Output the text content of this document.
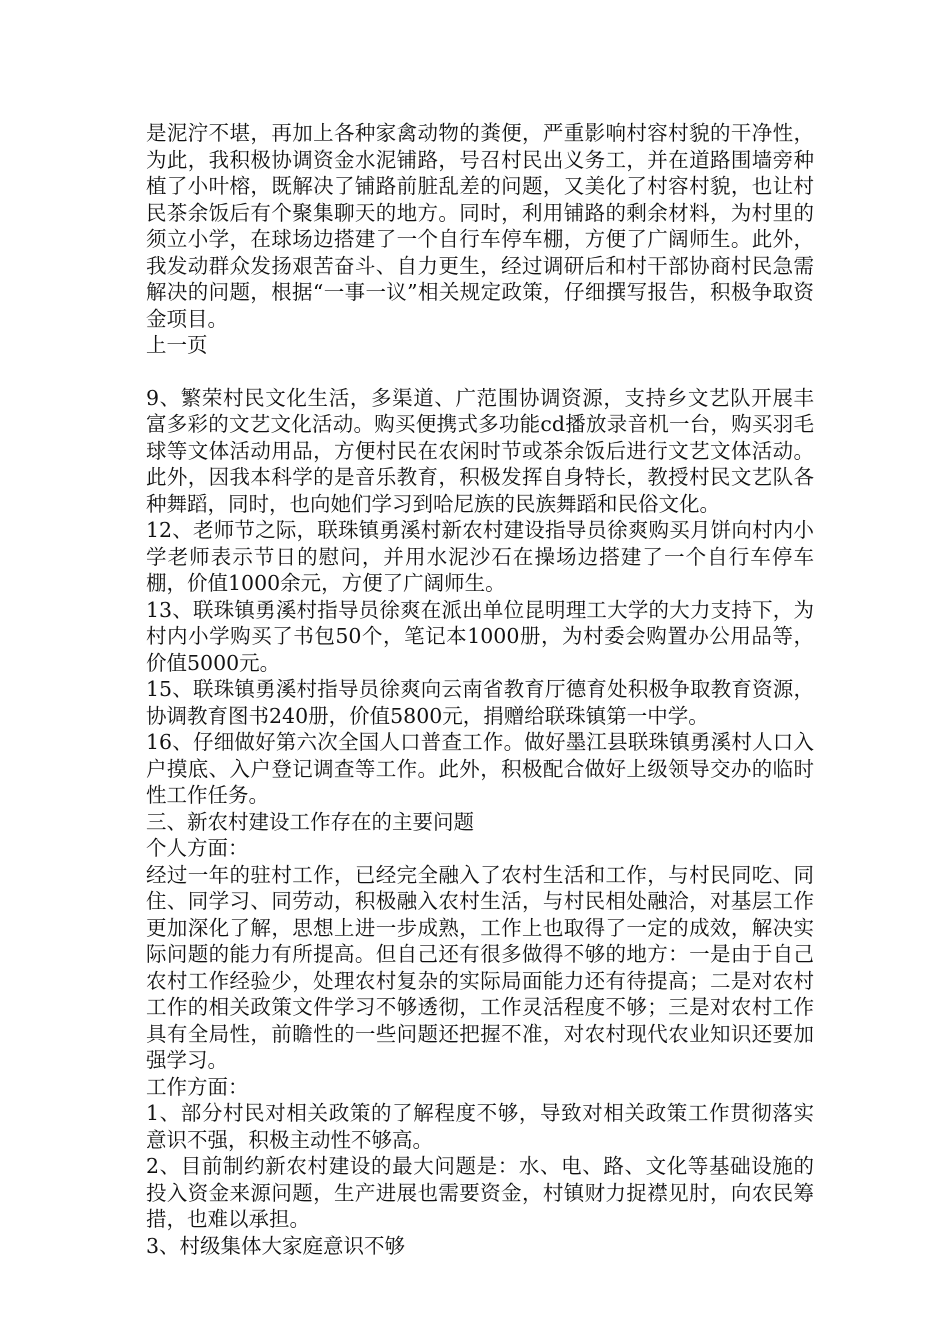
是泥泞不堪，再加上各种家禽动物的粪便，严重影响村容村貌的干净性，为此，我积极协调资金水泥铺路，号召村民出义务工，并在道路围墙旁种植了小叶榕，既解决了铺路前脏乱差的问题，又美化了村容村貌，也让村民茶余饭后有个聚集聊天的地方。同时，利用铺路的剩余材料，为村里的须立小学，在球场边搭建了一个自行车停车棚，方便了广阔师生。此外，我发动群众发扬艰苦奋斗、自力更生，经过调研后和村干部协商村民急需解决的问题，根据“一事一议”相关规定政策，仔细撰写报告，积极争取资金项目。

上一页

9、繁荣村民文化生活，多渠道、广范围协调资源，支持乡文艺队开展丰富多彩的文艺文化活动。购买便携式多功能cd播放录音机一台，购买羽毛球等文体活动用品，方便村民在农闲时节或茶余饭后进行文艺文体活动。此外，因我本科学的是音乐教育，积极发挥自身特长，教授村民文艺队各种舞蹈，同时，也向她们学习到哈尼族的民族舞蹈和民俗文化。

12、老师节之际，联珠镇勇溪村新农村建设指导员徐爽购买月饼向村内小学老师表示节日的慰问，并用水泥沙石在操场边搭建了一个自行车停车棚，价值1000余元，方便了广阔师生。

13、联珠镇勇溪村指导员徐爽在派出单位昆明理工大学的大力支持下，为村内小学购买了书包50个，笔记本1000册，为村委会购置办公用品等，价值5000元。

15、联珠镇勇溪村指导员徐爽向云南省教育厅德育处积极争取教育资源，协调教育图书240册，价值5800元，捐赠给联珠镇第一中学。

16、仔细做好第六次全国人口普查工作。做好墨江县联珠镇勇溪村人口入户摸底、入户登记调查等工作。此外，积极配合做好上级领导交办的临时性工作任务。

三、新农村建设工作存在的主要问题

个人方面：

经过一年的驻村工作，已经完全融入了农村生活和工作，与村民同吃、同住、同学习、同劳动，积极融入农村生活，与村民相处融洽，对基层工作更加深化了解，思想上进一步成熟，工作上也取得了一定的成效，解决实际问题的能力有所提高。但自己还有很多做得不够的地方：一是由于自己农村工作经验少，处理农村复杂的实际局面能力还有待提高；二是对农村工作的相关政策文件学习不够透彻，工作灵活程度不够；三是对农村工作具有全局性，前瞻性的一些问题还把握不准，对农村现代农业知识还要加强学习。

工作方面：

1、部分村民对相关政策的了解程度不够，导致对相关政策工作贯彻落实意识不强，积极主动性不够高。

2、目前制约新农村建设的最大问题是：水、电、路、文化等基础设施的投入资金来源问题，生产进展也需要资金，村镇财力捉襟见肘，向农民筹措，也难以承担。

3、村级集体大家庭意识不够
